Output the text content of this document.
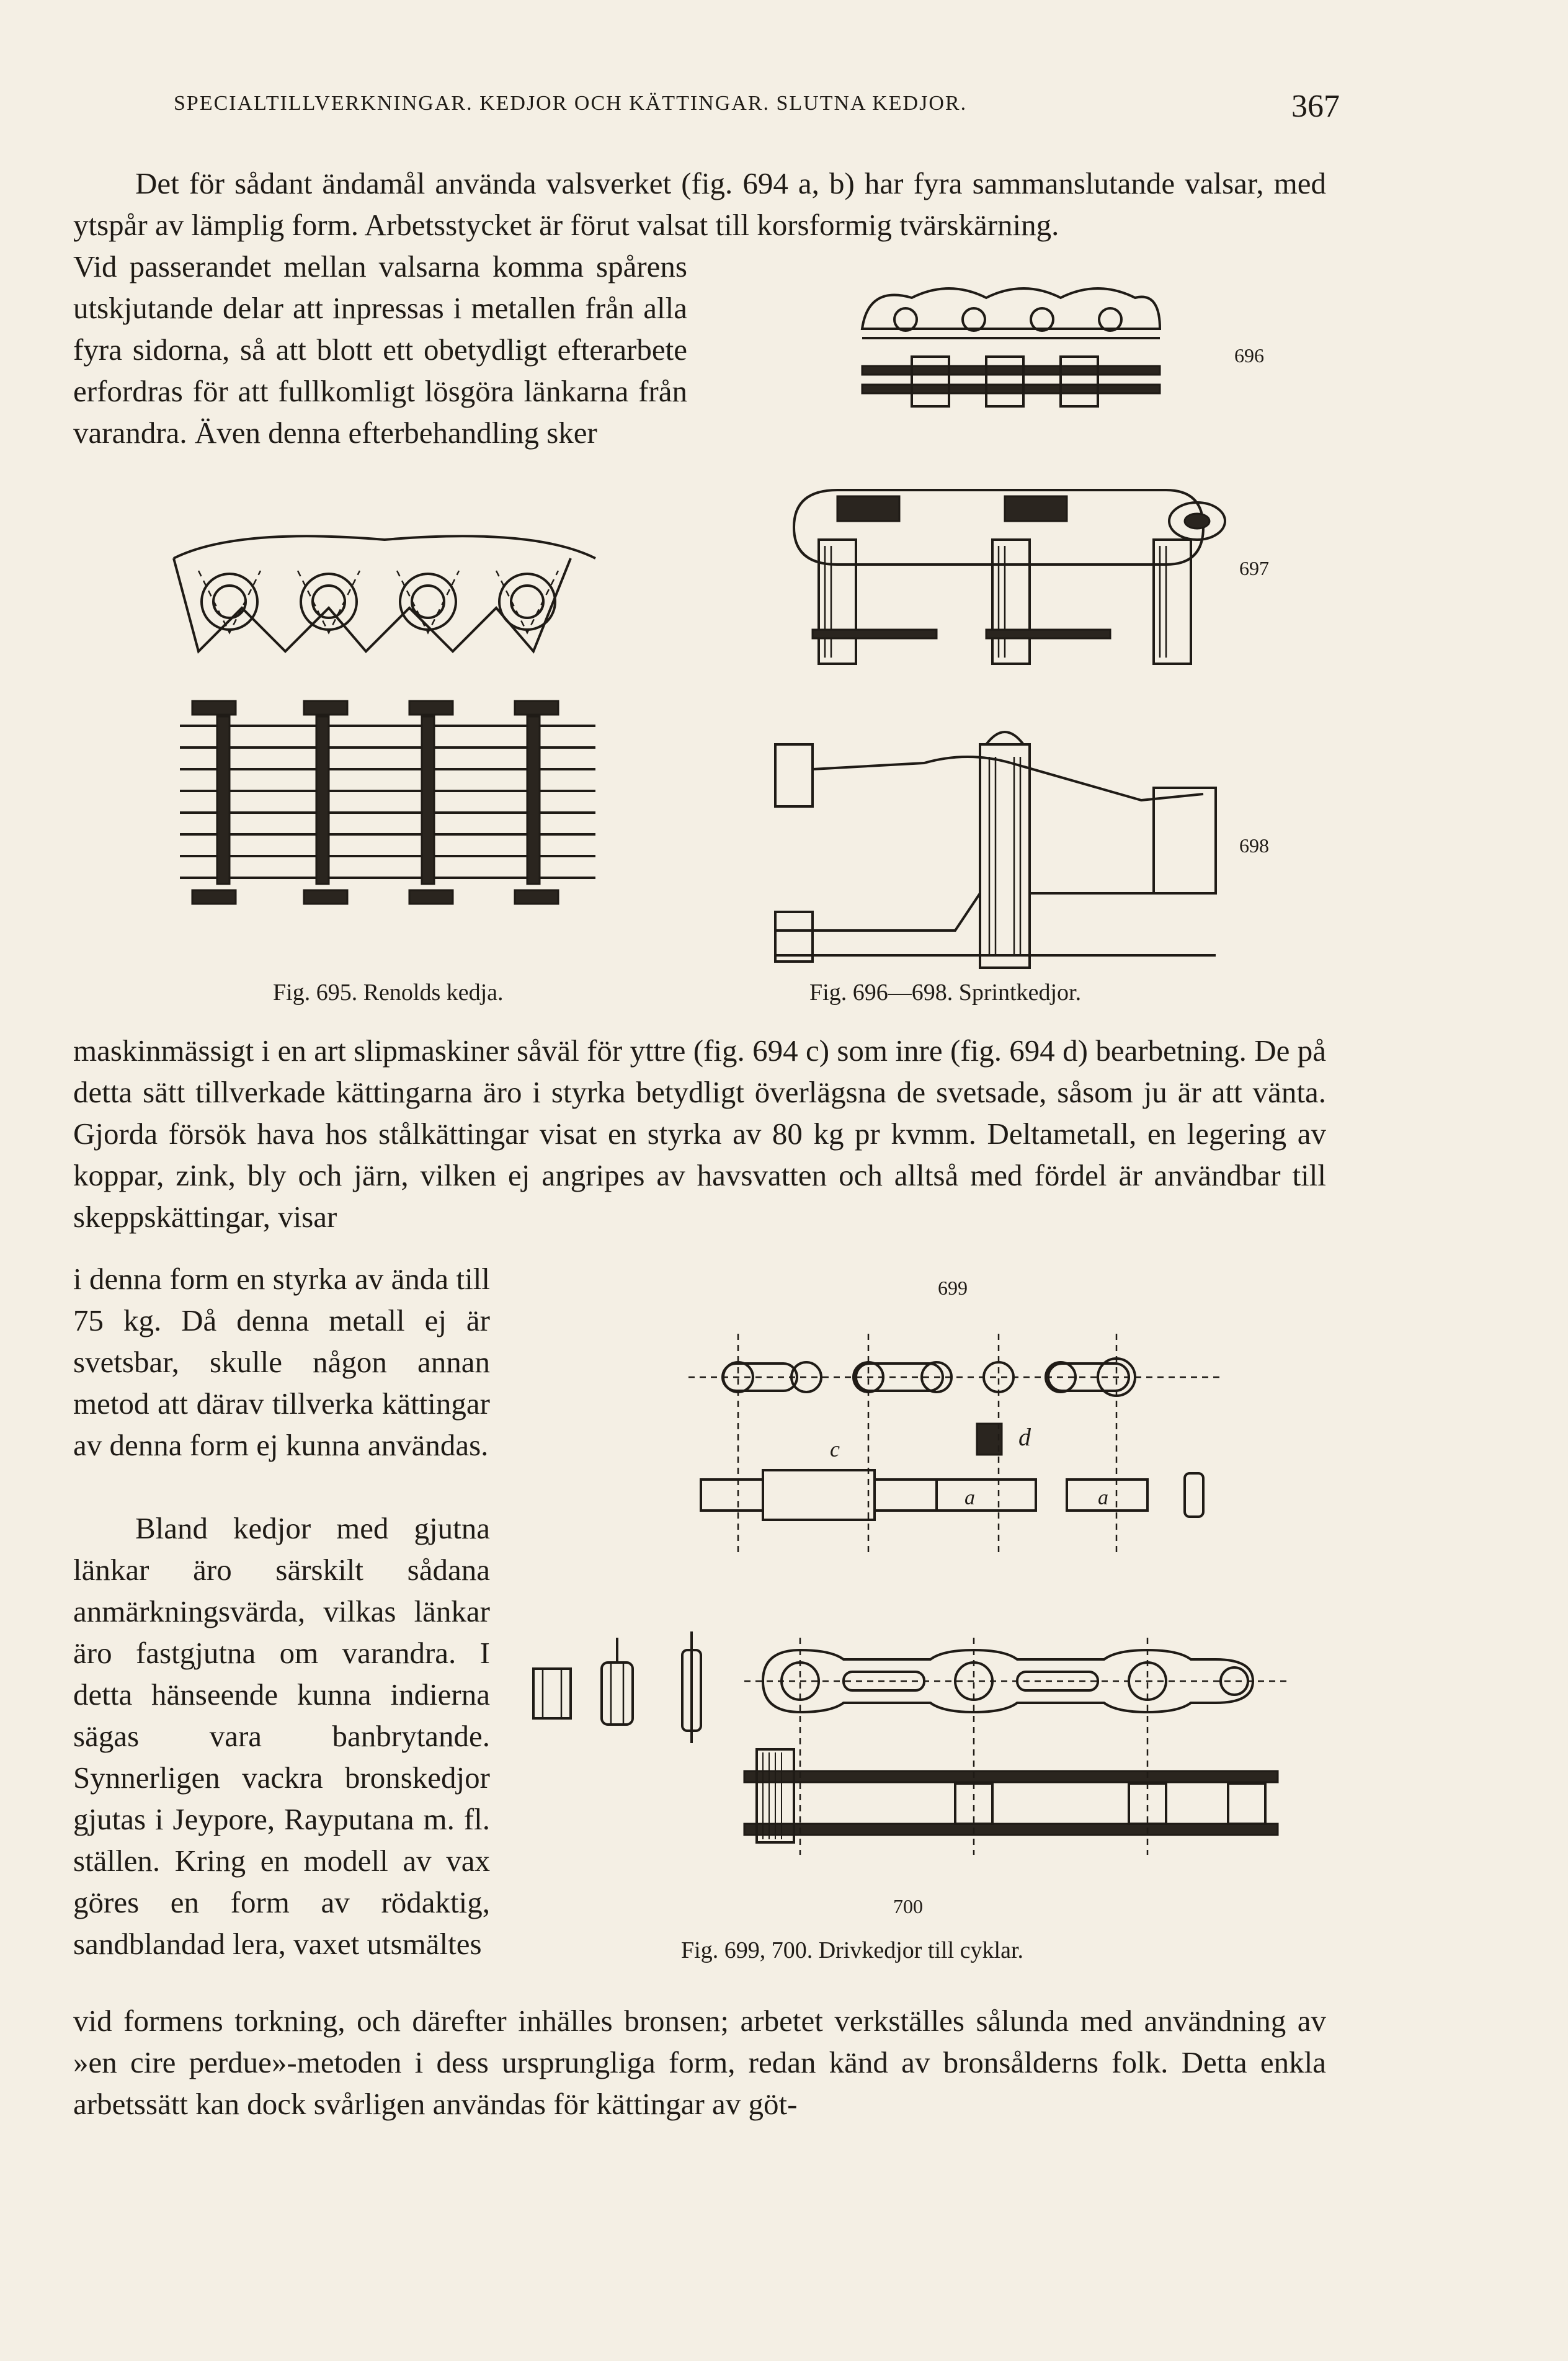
SPECIALTILLVERKNINGAR. KEDJOR OCH KÄTTINGAR. SLUTNA KEDJOR.	367

Det för sådant ändamål använda valsverket (fig. 694 a, b) har fyra sammanslutande valsar, med ytspår av lämplig form. Arbetsstycket är förut valsat till korsformig tvärskärning.

Vid passerandet mellan valsarna komma spårens utskjutande delar att inpressas i metallen från alla fyra sidorna, så att blott ett obetydligt efterarbete erfordras för att fullkomligt lösgöra länkarna från varandra. Även denna efterbehandling sker

Fig. 695. Renolds kedja.
696
697
698
Fig. 696—698. Sprintkedjor.

maskinmässigt i en art slipmaskiner såväl för yttre (fig. 694 c) som inre (fig. 694 d) bearbetning. De på detta sätt tillverkade kättingarna äro i styrka betydligt överlägsna de svetsade, såsom ju är att vänta. Gjorda försök hava hos stålkättingar visat en styrka av 80 kg pr kvmm. Deltametall, en legering av koppar, zink, bly och järn, vilken ej angripes av havsvatten och alltså med fördel är användbar till skeppskättingar, visar

i denna form en styrka av ända till 75 kg. Då denna metall ej är svetsbar, skulle någon annan metod att därav tillverka kättingar av denna form ej kunna användas.

Bland kedjor med gjutna länkar äro särskilt sådana anmärkningsvärda, vilkas länkar äro fastgjutna om varandra. I detta hänseende kunna indierna sägas vara banbrytande. Synnerligen vackra bronskedjor gjutas i Jeypore, Rayputana m. fl. ställen. Kring en modell av vax göres en form av rödaktig, sandblandad lera, vaxet utsmältes

699
d
c
a	a
700
Fig. 699, 700. Drivkedjor till cyklar.

vid formens torkning, och därefter inhälles bronsen; arbetet verkställes sålunda med användning av »en cire perdue»-metoden i dess ursprungliga form, redan känd av bronsålderns folk. Detta enkla arbetssätt kan dock svårligen användas för kättingar av göt-
